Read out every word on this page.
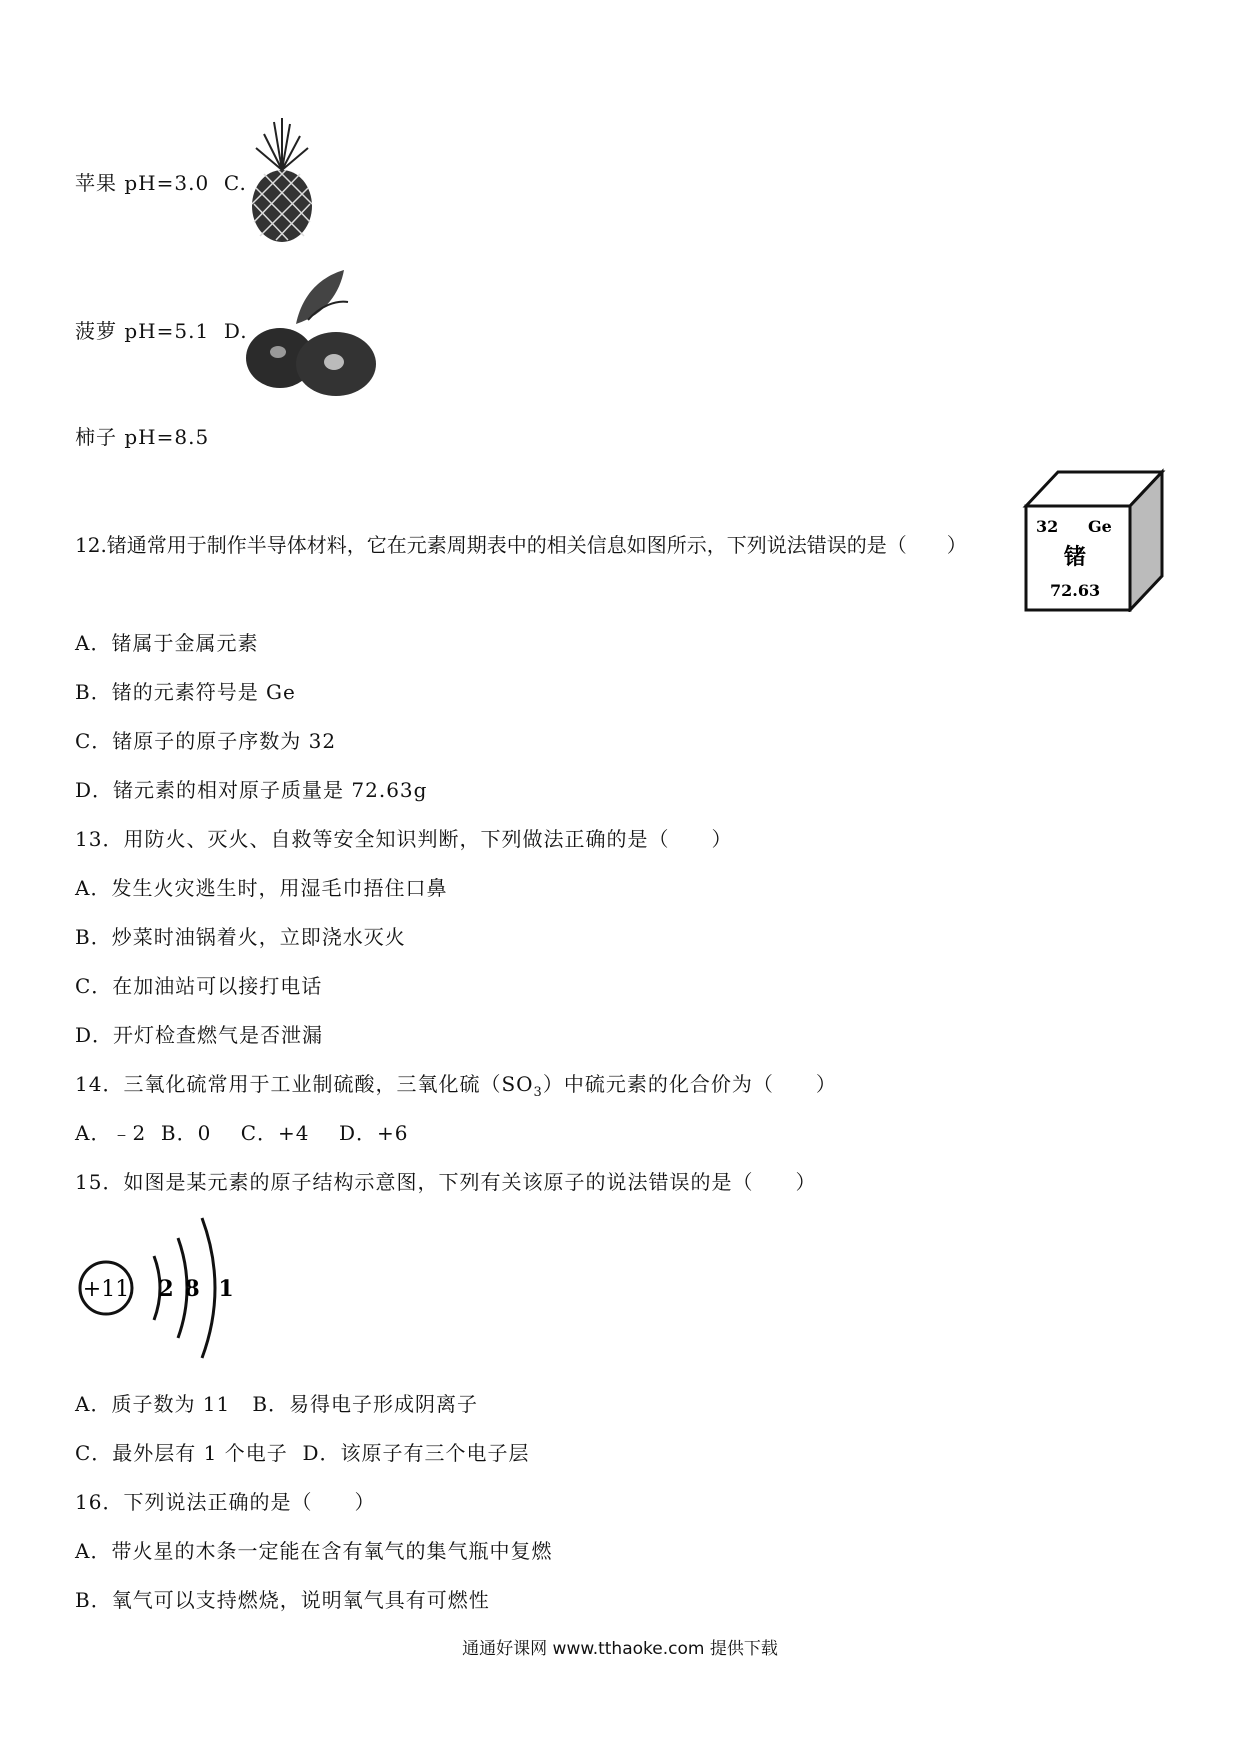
苹果 pH=3.0  C.
菠萝 pH=5.1  D.
柿子 pH=8.5
12.锗通常用于制作半导体材料，它在元素周期表中的相关信息如图所示，下列说法错误的是（　　）
32 Ge
锗
72.63
A．锗属于金属元素
B．锗的元素符号是 Ge
C．锗原子的原子序数为 32
D．锗元素的相对原子质量是 72.63g
13．用防火、灭火、自救等安全知识判断，下列做法正确的是（　　）
A．发生火灾逃生时，用湿毛巾捂住口鼻
B．炒菜时油锅着火，立即浇水灭火
C．在加油站可以接打电话
D．开灯检查燃气是否泄漏
14．三氧化硫常用于工业制硫酸，三氧化硫$(SO_3)$中硫元素的化合价为（　　）
A．﹣2  B．0    C．+4    D．+6
15．如图是某元素的原子结构示意图，下列有关该原子的说法错误的是（　　）
+11 2 8 1
A．质子数为 11   B．易得电子形成阴离子
C．最外层有 1 个电子  D．该原子有三个电子层
16．下列说法正确的是（　　）
A．带火星的木条一定能在含有氧气的集气瓶中复燃
B．氧气可以支持燃烧，说明氧气具有可燃性
通通好课网 www.tthaoke.com 提供下载
